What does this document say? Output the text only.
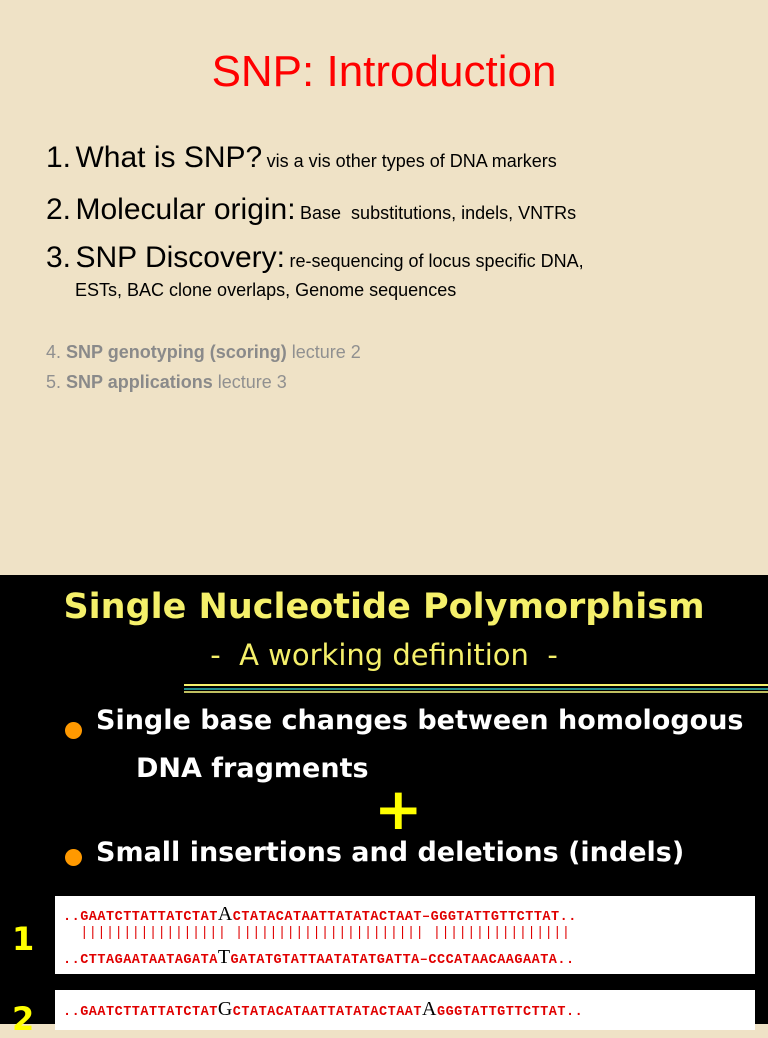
SNP: Introduction
1. What is SNP? vis a vis other types of DNA markers
2. Molecular origin: Base  substitutions, indels, VNTRs
3. SNP Discovery: re-sequencing of locus specific DNA,
ESTs, BAC clone overlaps, Genome sequences
4. SNP genotyping (scoring) lecture 2
5. SNP applications lecture 3
Single Nucleotide Polymorphism
-  A working definition  -
Single base changes between homologous
DNA fragments
+
Small insertions and deletions (indels)
1
..GAATCTTATTATCTATACTATACATAATTATATACTAAT–GGGTATTGTTCTTAT..
||||||||||||||||| |||||||||||||||||||||| ||||||||||||||||
..CTTAGAATAATAGATATGATATGTATTAATATATGATTA–CCCATAACAAGAATA..
2 ..GAATCTTATTATCTATGCTATACATAATTATATACTAATAGGGTATTGTTCTTAT..
